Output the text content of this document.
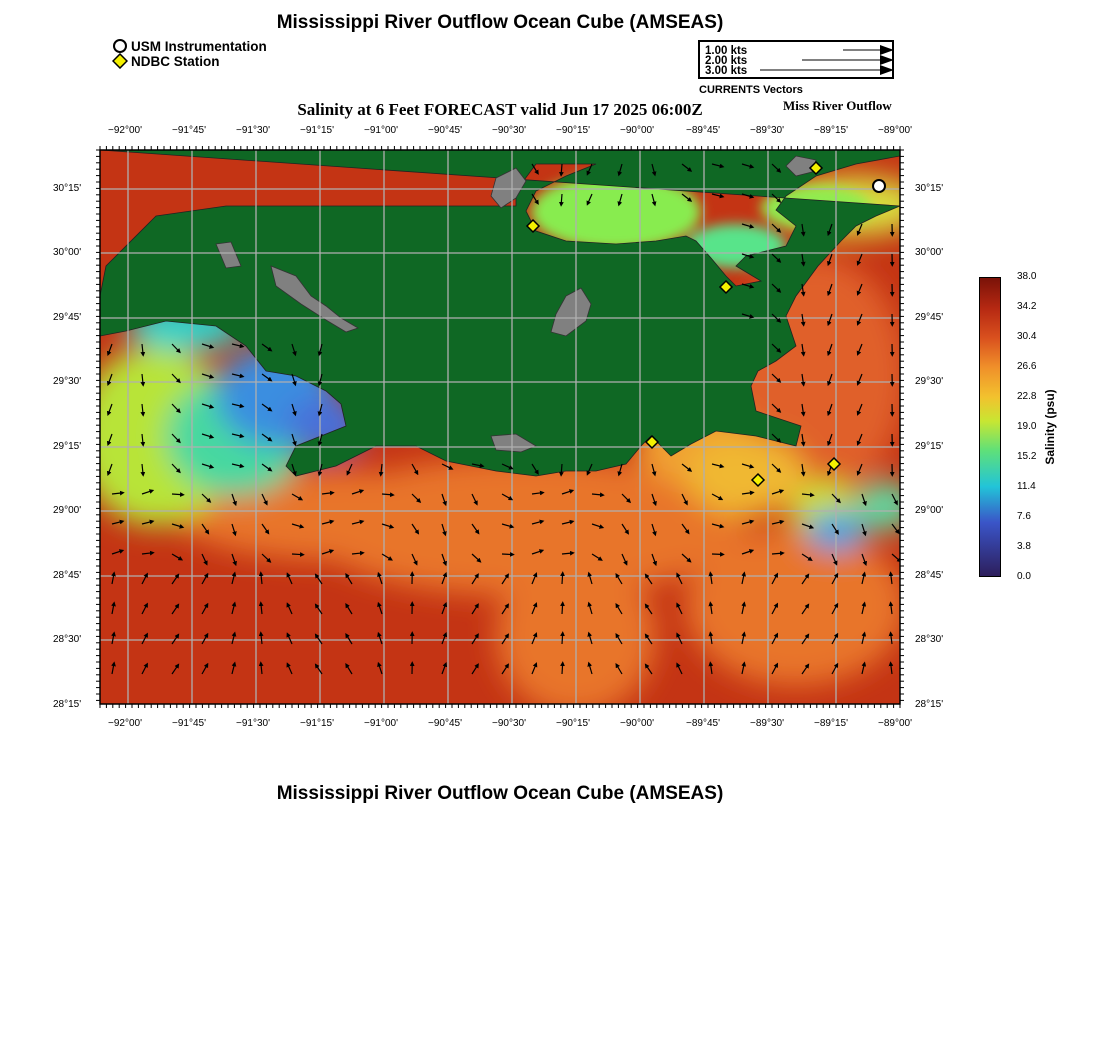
Mississippi River Outflow Ocean Cube (AMSEAS)
USM Instrumentation
NDBC Station
1.00 kts
2.00 kts
3.00 kts
CURRENTS Vectors
Salinity at 6 Feet FORECAST valid Jun 17 2025 06:00Z	Miss River Outflow
−92°00'	−91°45'	−91°30'	−91°15'	−91°00'	−90°45'	−90°30'	−90°15'	−90°00'	−89°45'	−89°30'	−89°15'	−89°00'
−92°00'	−91°45'	−91°30'	−91°15'	−91°00'	−90°45'	−90°30'	−90°15'	−90°00'	−89°45'	−89°30'	−89°15'	−89°00'
30°15'
30°00'
29°45'
29°30'
29°15'
29°00'
28°45'
28°30'
28°15'
30°15'
30°00'
29°45'
29°30'
29°15'
29°00'
28°45'
28°30'
28°15'
38.0
34.2
30.4
26.6
22.8
19.0
15.2
11.4
7.6
3.8
0.0
Salinity (psu)
Mississippi River Outflow Ocean Cube (AMSEAS)
